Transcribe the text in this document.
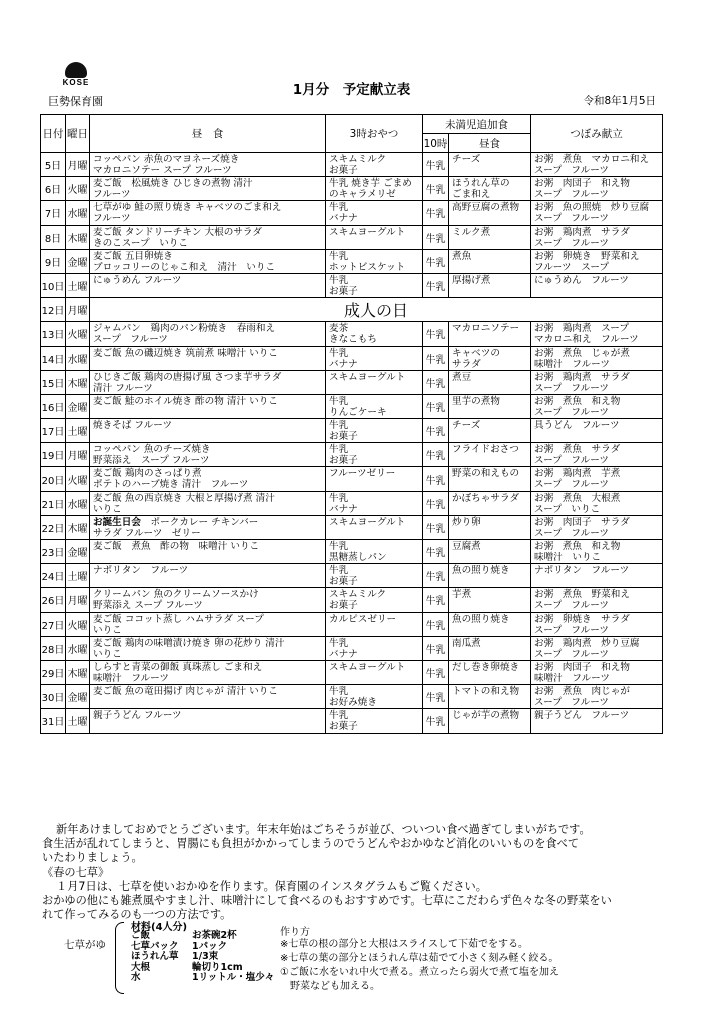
KOSE
巨勢保育園
1月分　予定献立表
令和8年1月5日
日付	曜日	昼　食	3時おやつ	未満児追加食		つぼみ献立
				10時	昼食	
5日	月曜	コッペパン 赤魚のマヨネーズ焼き
マカロニソテー スープ フルーツ	スキムミルク
お菓子	牛乳	チーズ	お粥　煮魚　マカロニ和え
スープ　フルーツ

6日	火曜	麦ご飯　松風焼き ひじきの煮物 清汁
フルーツ	牛乳 焼き芋 ごまめ
のキャラメリゼ	牛乳	ほうれん草の
ごま和え	お粥　肉団子　和え物
スープ　フルーツ

7日	水曜	七草がゆ 鮭の照り焼き キャベツのごま和え
フルーツ	牛乳
バナナ	牛乳	高野豆腐の煮物	お粥　魚の照焼　炒り豆腐
スープ　フルーツ

8日	木曜	麦ご飯 タンドリーチキン 大根のサラダ
きのこスープ　いりこ	スキムヨーグルト	牛乳	ミルク煮	お粥　鶏肉煮　サラダ
スープ　フルーツ

9日	金曜	麦ご飯 五目卵焼き
ブロッコリーのじゃこ和え　清汁　いりこ	牛乳
ホットビスケット	牛乳	煮魚	お粥　卵焼き　野菜和え
フルーツ　スープ

10日	土曜	にゅうめん フルーツ	牛乳
お菓子	牛乳	厚揚げ煮	にゅうめん　フルーツ

12日	月曜	成人の日				
13日	火曜	ジャムパン　鶏肉のパン粉焼き　春雨和え
スープ　フルーツ	麦茶
きなこもち	牛乳	マカロニソテー	お粥　鶏肉煮　スープ
マカロニ和え　フルーツ

14日	水曜	麦ご飯 魚の磯辺焼き 筑前煮 味噌汁 いりこ	牛乳
バナナ	牛乳	キャベツの
サラダ	お粥　煮魚　じゃが煮
味噌汁　フルーツ

15日	木曜	ひじきご飯 鶏肉の唐揚げ風 さつま芋サラダ
清汁 フルーツ	スキムヨーグルト	牛乳	煮豆	お粥　鶏肉煮　サラダ
スープ　フルーツ

16日	金曜	麦ご飯 鮭のホイル焼き 酢の物 清汁 いりこ	牛乳
りんごケーキ	牛乳	里芋の煮物	お粥　煮魚　和え物
スープ　フルーツ

17日	土曜	焼きそば フルーツ	牛乳
お菓子	牛乳	チーズ	具うどん　フルーツ

19日	月曜	コッペパン 魚のチーズ焼き
野菜添え　スープ フルーツ	牛乳
お菓子	牛乳	フライドおさつ	お粥　煮魚　サラダ
スープ　フルーツ

20日	火曜	麦ご飯 鶏肉のさっぱり煮
ポテトのハーブ焼き 清汁　フルーツ	フルーツゼリー	牛乳	野菜の和えもの	お粥　鶏肉煮　芋煮
スープ　フルーツ

21日	水曜	麦ご飯 魚の西京焼き 大根と厚揚げ煮 清汁
いりこ	牛乳
バナナ	牛乳	かぼちゃサラダ	お粥　煮魚　大根煮
スープ　いりこ

22日	木曜	お誕生日会　ポークカレー チキンバー
サラダ フルーツ　ゼリー	スキムヨーグルト	牛乳	炒り卵	お粥　肉団子　サラダ
スープ　フルーツ

23日	金曜	麦ご飯　煮魚　酢の物　味噌汁 いりこ	牛乳
黒糖蒸しパン	牛乳	豆腐煮	お粥　煮魚　和え物
味噌汁　いりこ

24日	土曜	ナポリタン　フルーツ	牛乳
お菓子	牛乳	魚の照り焼き	ナポリタン　フルーツ

26日	月曜	クリームパン 魚のクリームソースかけ
野菜添え スープ フルーツ	スキムミルク
お菓子	牛乳	芋煮	お粥　煮魚　野菜和え
スープ　フルーツ

27日	火曜	麦ご飯 ココット蒸し ハムサラダ スープ
いりこ	カルピスゼリー	牛乳	魚の照り焼き	お粥　卵焼き　サラダ
スープ　フルーツ

28日	水曜	麦ご飯 鶏肉の味噌漬け焼き 卵の花炒り 清汁
いりこ	牛乳
バナナ	牛乳	南瓜煮	お粥　鶏肉煮　炒り豆腐
スープ　フルーツ

29日	木曜	しらすと青菜の御飯 真珠蒸し ごま和え
味噌汁　フルーツ	スキムヨーグルト	牛乳	だし巻き卵焼き	お粥　肉団子　和え物
味噌汁　フルーツ

30日	金曜	麦ご飯 魚の竜田揚げ 肉じゃが 清汁 いりこ	牛乳
お好み焼き	牛乳	トマトの和え物	お粥　煮魚　肉じゃが
スープ　フルーツ

31日	土曜	親子うどん フルーツ	牛乳
お菓子	牛乳	じゃが芋の煮物	親子うどん　フルーツ

新年あけましておめでとうございます。年末年始はごちそうが並び、ついつい食べ過ぎてしまいがちです。

食生活が乱れてしまうと、胃腸にも負担がかかってしまうのでうどんやおかゆなど消化のいいものを食べて

いたわりましょう。

《春の七草》

１月7日は、七草を使いおかゆを作ります。保育園のインスタグラムもご覧ください。

おかゆの他にも雑煮風やすまし汁、味噌汁にして食べるのもおすすめです。七草にこだわらず色々な冬の野菜をい

れて作ってみるのも一つの方法です。

七草がゆ
材料(4人分)
ご飯	お茶碗2杯
七草パック	1パック
ほうれん草	1/3束
大根	輪切り1cm
水	1リットル・塩少々
作り方

※七草の根の部分と大根はスライスして下茹でをする。

※七草の葉の部分とほうれん草は茹でて小さく刻み軽く絞る。

①ご飯に水をいれ中火で煮る。煮立ったら弱火で煮て塩を加え

　野菜なども加える。
